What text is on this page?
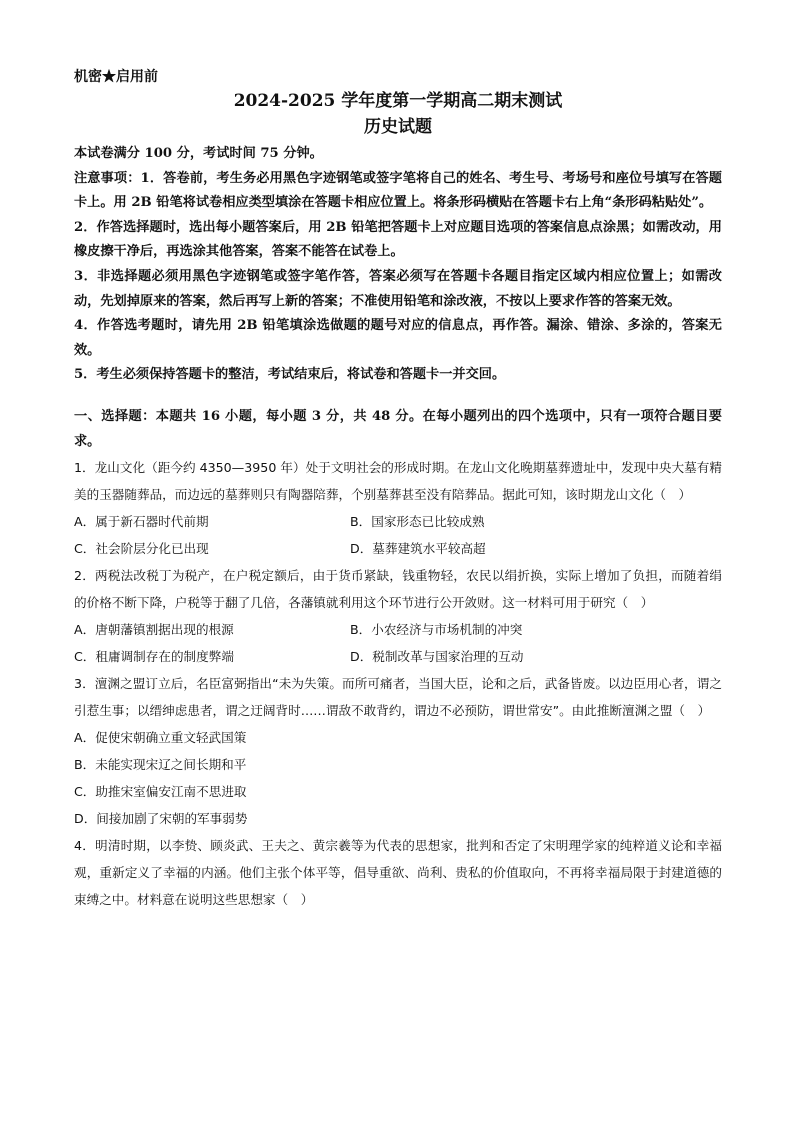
机密★启用前
2024-2025 学年度第一学期高二期末测试
历史试题

本试卷满分 100 分，考试时间 75 分钟。

注意事项：1．答卷前，考生务必用黑色字迹钢笔或签字笔将自己的姓名、考生号、考场号和座位号填写在答题卡上。用 2B 铅笔将试卷相应类型填涂在答题卡相应位置上。将条形码横贴在答题卡右上角“条形码粘贴处”。

2．作答选择题时，选出每小题答案后，用 2B 铅笔把答题卡上对应题目选项的答案信息点涂黑；如需改动，用橡皮擦干净后，再选涂其他答案，答案不能答在试卷上。

3．非选择题必须用黑色字迹钢笔或签字笔作答，答案必须写在答题卡各题目指定区域内相应位置上；如需改动，先划掉原来的答案，然后再写上新的答案；不准使用铅笔和涂改液，不按以上要求作答的答案无效。

4．作答选考题时，请先用 2B 铅笔填涂选做题的题号对应的信息点，再作答。漏涂、错涂、多涂的，答案无效。

5．考生必须保持答题卡的整洁，考试结束后，将试卷和答题卡一并交回。

一、选择题：本题共 16 小题，每小题 3 分，共 48 分。在每小题列出的四个选项中，只有一项符合题目要求。

1．龙山文化（距今约 4350—3950 年）处于文明社会的形成时期。在龙山文化晚期墓葬遗址中，发现中央大墓有精美的玉器随葬品，而边远的墓葬则只有陶器陪葬，个别墓葬甚至没有陪葬品。据此可知，该时期龙山文化（　）

A．属于新石器时代前期	B．国家形态已比较成熟
C．社会阶层分化已出现	D．墓葬建筑水平较高超

2．两税法改税丁为税产，在户税定额后，由于货币紧缺，钱重物轻，农民以绢折换，实际上增加了负担，而随着绢的价格不断下降，户税等于翻了几倍，各藩镇就利用这个环节进行公开敛财。这一材料可用于研究（　）

A．唐朝藩镇割据出现的根源	B．小农经济与市场机制的冲突
C．租庸调制存在的制度弊端	D．税制改革与国家治理的互动

3．澶渊之盟订立后，名臣富弼指出“未为失策。而所可痛者，当国大臣，论和之后，武备皆废。以边臣用心者，谓之引惹生事；以缙绅虑患者，谓之迂阔背时……谓敌不敢背约，谓边不必预防，谓世常安”。由此推断澶渊之盟（　）

A．促使宋朝确立重文轻武国策
B．未能实现宋辽之间长期和平
C．助推宋室偏安江南不思进取
D．间接加剧了宋朝的军事弱势

4．明清时期，以李贽、顾炎武、王夫之、黄宗羲等为代表的思想家，批判和否定了宋明理学家的纯粹道义论和幸福观，重新定义了幸福的内涵。他们主张个体平等，倡导重欲、尚利、贵私的价值取向，不再将幸福局限于封建道德的束缚之中。材料意在说明这些思想家（　）
